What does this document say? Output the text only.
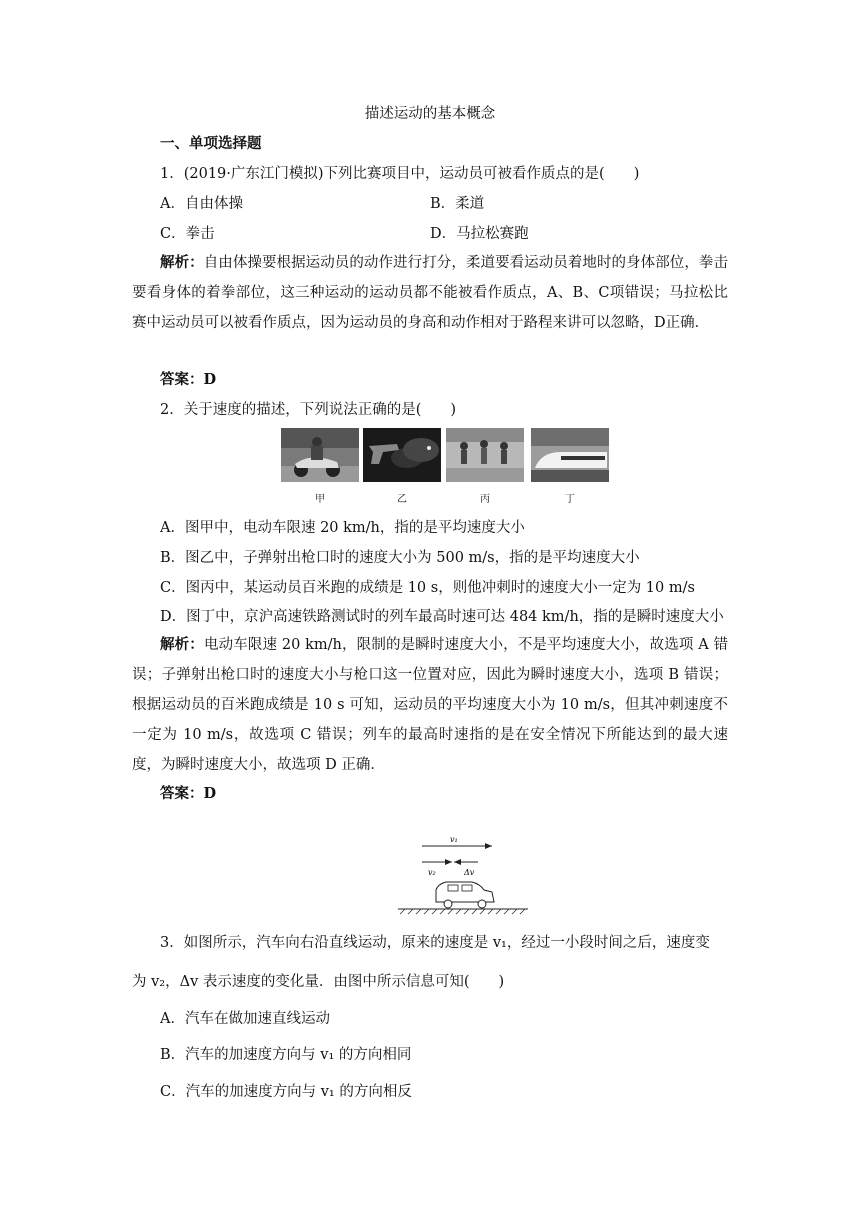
描述运动的基本概念
一、单项选择题
1．(2019·广东江门模拟)下列比赛项目中，运动员可被看作质点的是(　　)
A．自由体操	B．柔道
C．拳击	D．马拉松赛跑
解析：自由体操要根据运动员的动作进行打分，柔道要看运动员着地时的身体部位，拳击要看身体的着拳部位，这三种运动的运动员都不能被看作质点，A、B、C项错误；马拉松比赛中运动员可以被看作质点，因为运动员的身高和动作相对于路程来讲可以忽略，D正确．
答案：D
2．关于速度的描述，下列说法正确的是(　　)
甲	乙	丙	丁
A．图甲中，电动车限速 20 km/h，指的是平均速度大小
B．图乙中，子弹射出枪口时的速度大小为 500 m/s，指的是平均速度大小
C．图丙中，某运动员百米跑的成绩是 10 s，则他冲刺时的速度大小一定为 10 m/s
D．图丁中，京沪高速铁路测试时的列车最高时速可达 484 km/h，指的是瞬时速度大小
解析：电动车限速 20 km/h，限制的是瞬时速度大小，不是平均速度大小，故选项 A 错误；子弹射出枪口时的速度大小与枪口这一位置对应，因此为瞬时速度大小，选项 B 错误；根据运动员的百米跑成绩是 10 s 可知，运动员的平均速度大小为 10 m/s，但其冲刺速度不一定为 10 m/s，故选项 C 错误；列车的最高时速指的是在安全情况下所能达到的最大速度，为瞬时速度大小，故选项 D 正确．
答案：D
v₁
v₂	Δv
3．如图所示，汽车向右沿直线运动，原来的速度是 v₁，经过一小段时间之后，速度变
为 v₂，Δv 表示速度的变化量．由图中所示信息可知(　　)
A．汽车在做加速直线运动
B．汽车的加速度方向与 v₁ 的方向相同
C．汽车的加速度方向与 v₁ 的方向相反
